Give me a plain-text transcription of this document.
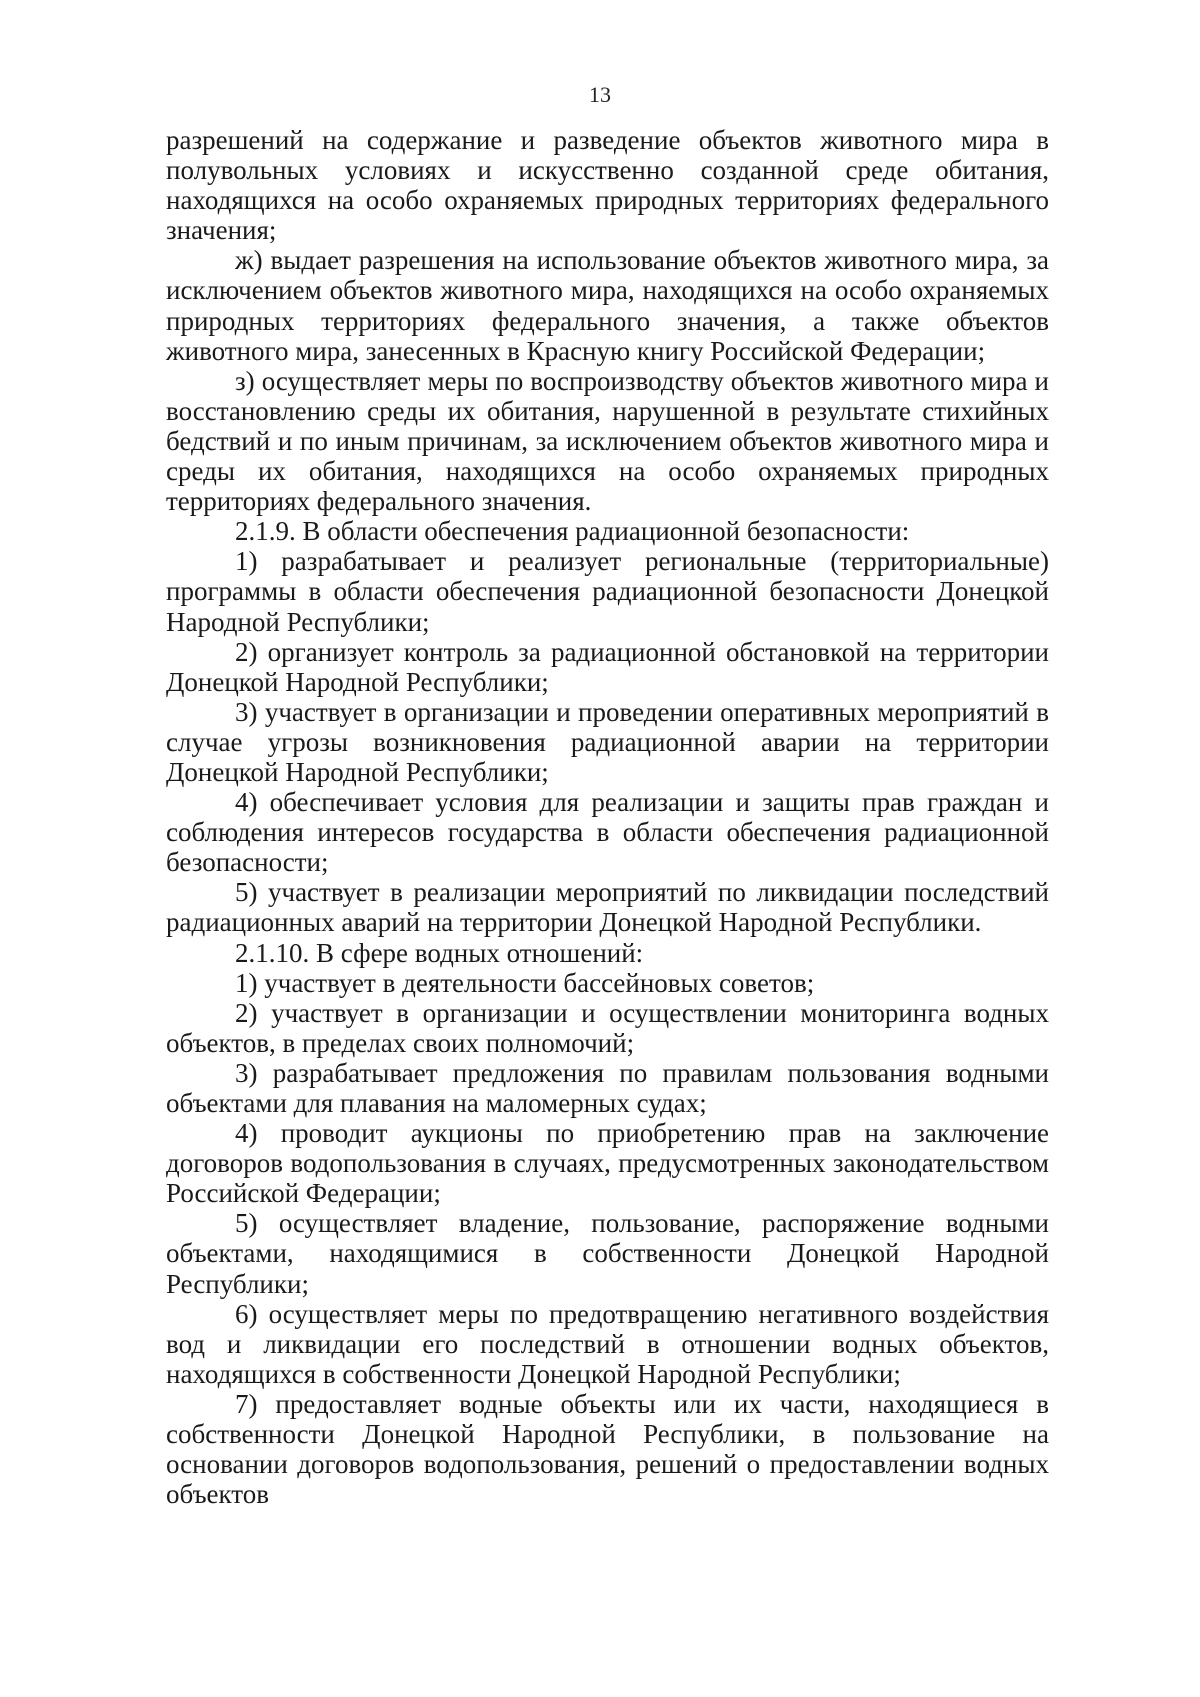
13

разрешений на содержание и разведение объектов животного мира в полувольных условиях и искусственно созданной среде обитания, находящихся на особо охраняемых природных территориях федерального значения;

ж) выдает разрешения на использование объектов животного мира, за исключением объектов животного мира, находящихся на особо охраняемых природных территориях федерального значения, а также объектов животного мира, занесенных в Красную книгу Российской Федерации;

з) осуществляет меры по воспроизводству объектов животного мира и восстановлению среды их обитания, нарушенной в результате стихийных бедствий и по иным причинам, за исключением объектов животного мира и среды их обитания, находящихся на особо охраняемых природных территориях федерального значения.

2.1.9. В области обеспечения радиационной безопасности:

1) разрабатывает и реализует региональные (территориальные) программы в области обеспечения радиационной безопасности Донецкой Народной Республики;

2) организует контроль за радиационной обстановкой на территории Донецкой Народной Республики;

3) участвует в организации и проведении оперативных мероприятий в случае угрозы возникновения радиационной аварии на территории Донецкой Народной Республики;

4) обеспечивает условия для реализации и защиты прав граждан и соблюдения интересов государства в области обеспечения радиационной безопасности;

5) участвует в реализации мероприятий по ликвидации последствий радиационных аварий на территории Донецкой Народной Республики.

2.1.10. В сфере водных отношений:

1) участвует в деятельности бассейновых советов;

2) участвует в организации и осуществлении мониторинга водных объектов, в пределах своих полномочий;

3) разрабатывает предложения по правилам пользования водными объектами для плавания на маломерных судах;

4) проводит аукционы по приобретению прав на заключение договоров водопользования в случаях, предусмотренных законодательством Российской Федерации;

5) осуществляет владение, пользование, распоряжение водными объектами, находящимися в собственности Донецкой Народной Республики;

6) осуществляет меры по предотвращению негативного воздействия вод и ликвидации его последствий в отношении водных объектов, находящихся в собственности Донецкой Народной Республики;

7) предоставляет водные объекты или их части, находящиеся в собственности Донецкой Народной Республики, в пользование на основании договоров водопользования, решений о предоставлении водных объектов
